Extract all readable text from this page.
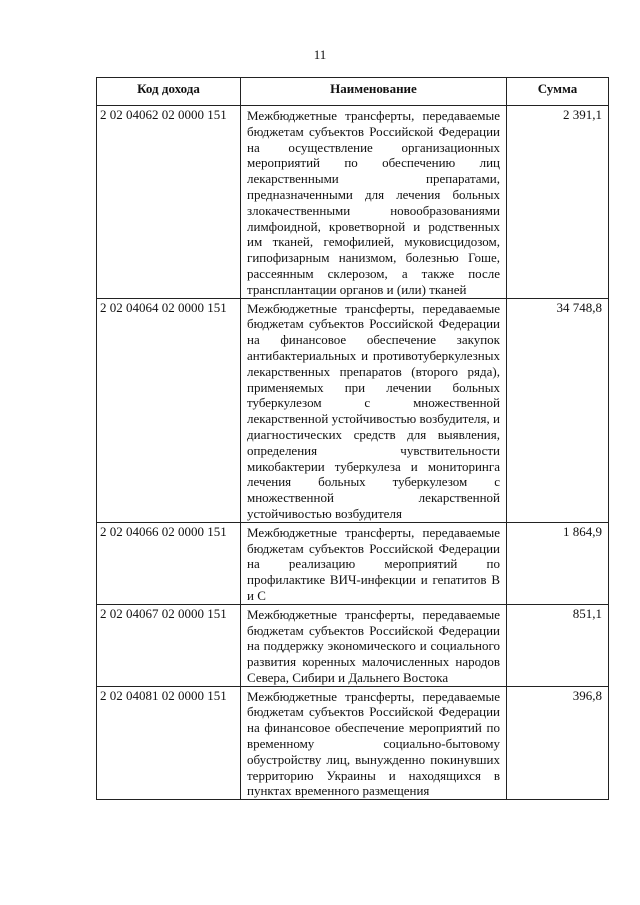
11
Код дохода	Наименование	Сумма
2 02 04062 02 0000 151	Межбюджетные трансферты, передаваемые бюджетам субъектов Российской Федерации на осуществление организационных мероприятий по обеспечению лиц лекарственными препаратами, предназначенными для лечения больных злокачественными новообразованиями лимфоидной, кроветворной и родственных им тканей, гемофилией, муковисцидозом, гипофизарным нанизмом, болезнью Гоше, рассеянным склерозом, а также после трансплантации органов и (или) тканей	2 391,1
2 02 04064 02 0000 151	Межбюджетные трансферты, передаваемые бюджетам субъектов Российской Федерации на финансовое обеспечение закупок антибактериальных и противотуберкулезных лекарственных препаратов (второго ряда), применяемых при лечении больных туберкулезом с множественной лекарственной устойчивостью возбудителя, и диагностических средств для выявления, определения чувствительности микобактерии туберкулеза и мониторинга лечения больных туберкулезом с множественной лекарственной устойчивостью возбудителя	34 748,8
2 02 04066 02 0000 151	Межбюджетные трансферты, передаваемые бюджетам субъектов Российской Федерации на реализацию мероприятий по профилактике ВИЧ-инфекции и гепатитов В и С	1 864,9
2 02 04067 02 0000 151	Межбюджетные трансферты, передаваемые бюджетам субъектов Российской Федерации на поддержку экономического и социального развития коренных малочисленных народов Севера, Сибири и Дальнего Востока	851,1
2 02 04081 02 0000 151	Межбюджетные трансферты, передаваемые бюджетам субъектов Российской Федерации на финансовое обеспечение мероприятий по временному социально-бытовому обустройству лиц, вынужденно покинувших территорию Украины и находящихся в пунктах временного размещения	396,8
